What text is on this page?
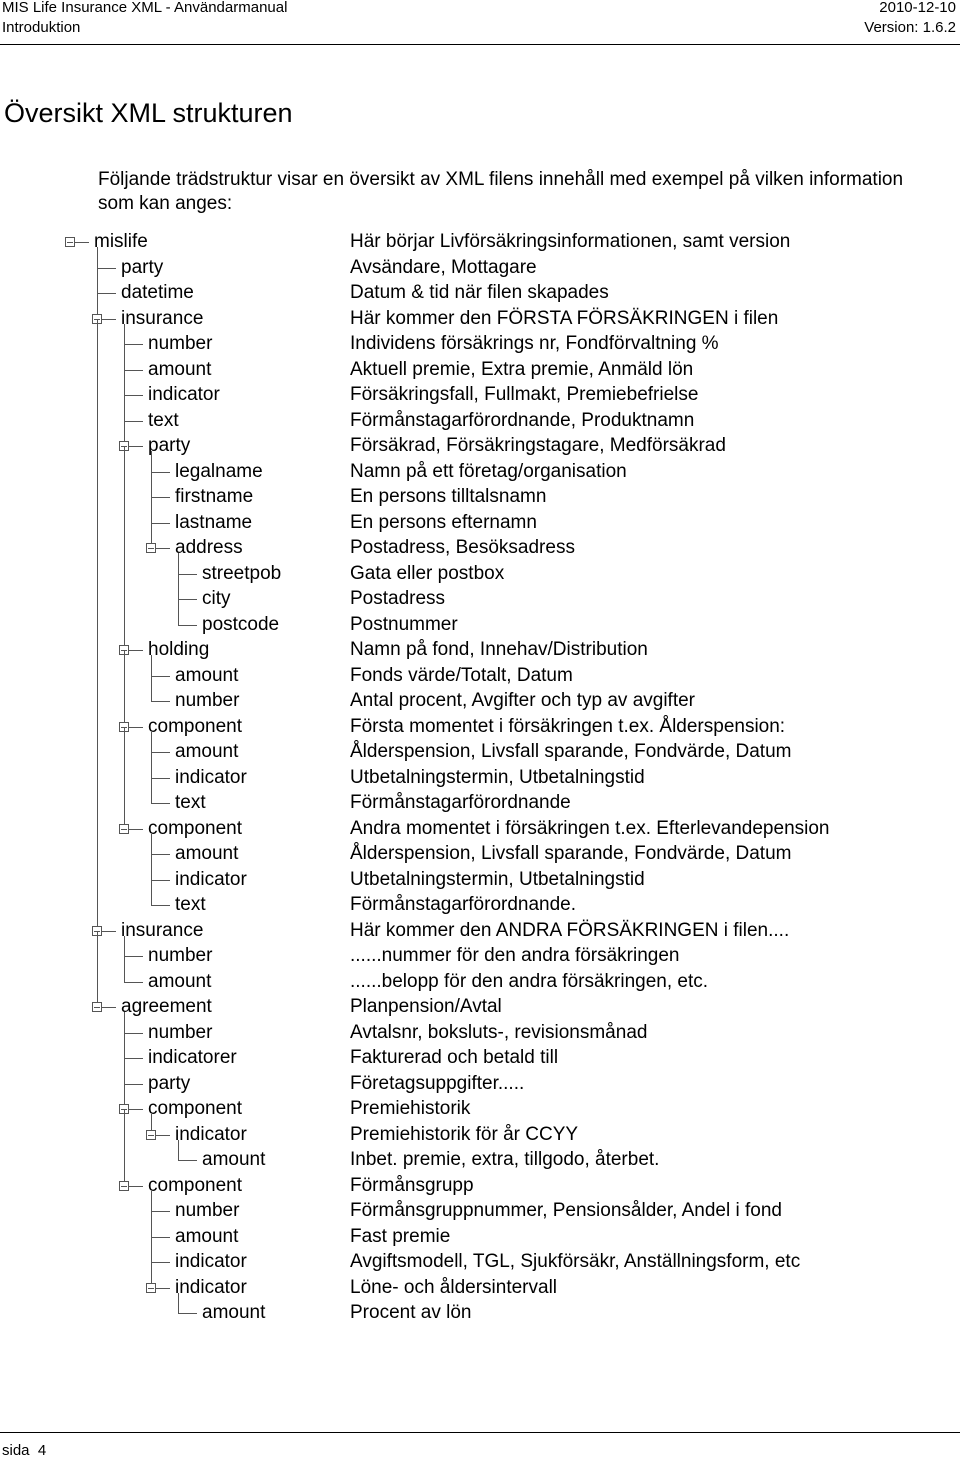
MIS Life Insurance XML - Användarmanual	2010-12-10
Introduktion	Version: 1.6.2
Översikt XML strukturen
Följande trädstruktur visar en översikt av XML filens innehåll med exempel på vilken information som kan anges:
mislife	Här börjar Livförsäkringsinformationen, samt version
party	Avsändare, Mottagare
datetime	Datum & tid när filen skapades
insurance	Här kommer den FÖRSTA FÖRSÄKRINGEN i filen
number	Individens försäkrings nr, Fondförvaltning %
amount	Aktuell premie, Extra premie, Anmäld lön
indicator	Försäkringsfall, Fullmakt, Premiebefrielse
text	Förmånstagarförordnande, Produktnamn
party	Försäkrad, Försäkringstagare, Medförsäkrad
legalname	Namn på ett företag/organisation
firstname	En persons tilltalsnamn
lastname	En persons efternamn
address	Postadress, Besöksadress
streetpob	Gata eller postbox
city	Postadress
postcode	Postnummer
holding	Namn på fond, Innehav/Distribution
amount	Fonds värde/Totalt, Datum
number	Antal procent, Avgifter och typ av avgifter
component	Första momentet i försäkringen t.ex. Ålderspension:
amount	Ålderspension, Livsfall sparande, Fondvärde, Datum
indicator	Utbetalningstermin, Utbetalningstid
text	Förmånstagarförordnande
component	Andra momentet i försäkringen t.ex. Efterlevandepension
amount	Ålderspension, Livsfall sparande, Fondvärde, Datum
indicator	Utbetalningstermin, Utbetalningstid
text	Förmånstagarförordnande.
insurance	Här kommer den ANDRA FÖRSÄKRINGEN i filen....
number	......nummer för den andra försäkringen
amount	......belopp för den andra försäkringen, etc.
agreement	Planpension/Avtal
number	Avtalsnr, boksluts-, revisionsmånad
indicatorer	Fakturerad och betald till
party	Företagsuppgifter.....
component	Premiehistorik
indicator	Premiehistorik för år CCYY
amount	Inbet. premie, extra, tillgodo, återbet.
component	Förmånsgrupp
number	Förmånsgruppnummer, Pensionsålder, Andel i fond
amount	Fast premie
indicator	Avgiftsmodell, TGL, Sjukförsäkr, Anställningsform, etc
indicator	Löne- och åldersintervall
amount	Procent av lön
sida 4
